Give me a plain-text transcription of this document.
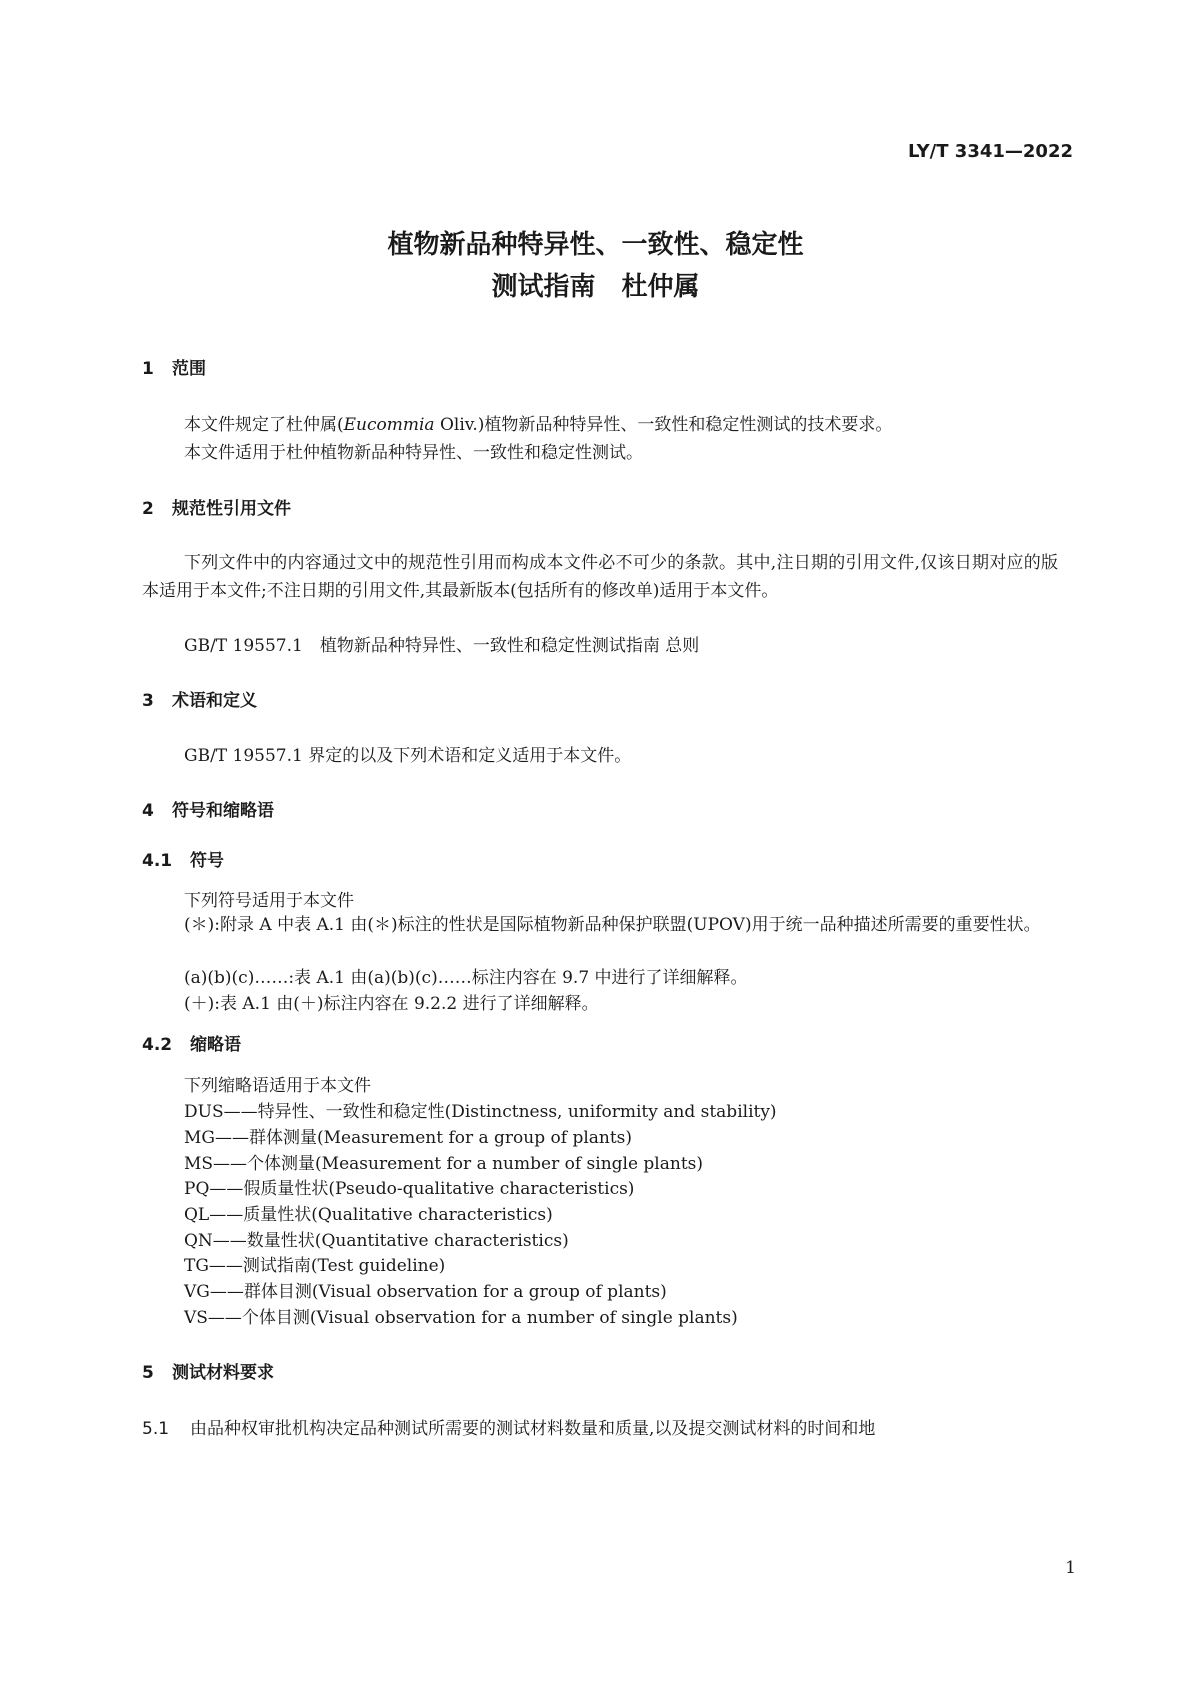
LY/T 3341—2022
植物新品种特异性、一致性、稳定性
测试指南　杜仲属
1 范围
本文件规定了杜仲属(Eucommia Oliv.)植物新品种特异性、一致性和稳定性测试的技术要求。
本文件适用于杜仲植物新品种特异性、一致性和稳定性测试。
2 规范性引用文件
下列文件中的内容通过文中的规范性引用而构成本文件必不可少的条款。其中,注日期的引用文件,仅该日期对应的版本适用于本文件;不注日期的引用文件,其最新版本(包括所有的修改单)适用于本文件。
GB/T 19557.1　植物新品种特异性、一致性和稳定性测试指南 总则
3 术语和定义
GB/T 19557.1 界定的以及下列术语和定义适用于本文件。
4 符号和缩略语
4.1 符号
下列符号适用于本文件
(＊):附录 A 中表 A.1 由(＊)标注的性状是国际植物新品种保护联盟(UPOV)用于统一品种描述所需要的重要性状。
(a)(b)(c)……:表 A.1 由(a)(b)(c)……标注内容在 9.7 中进行了详细解释。
(＋):表 A.1 由(＋)标注内容在 9.2.2 进行了详细解释。
4.2 缩略语
下列缩略语适用于本文件
DUS——特异性、一致性和稳定性(Distinctness, uniformity and stability)
MG——群体测量(Measurement for a group of plants)
MS——个体测量(Measurement for a number of single plants)
PQ——假质量性状(Pseudo-qualitative characteristics)
QL——质量性状(Qualitative characteristics)
QN——数量性状(Quantitative characteristics)
TG——测试指南(Test guideline)
VG——群体目测(Visual observation for a group of plants)
VS——个体目测(Visual observation for a number of single plants)
5 测试材料要求
5.1 由品种权审批机构决定品种测试所需要的测试材料数量和质量,以及提交测试材料的时间和地
1
